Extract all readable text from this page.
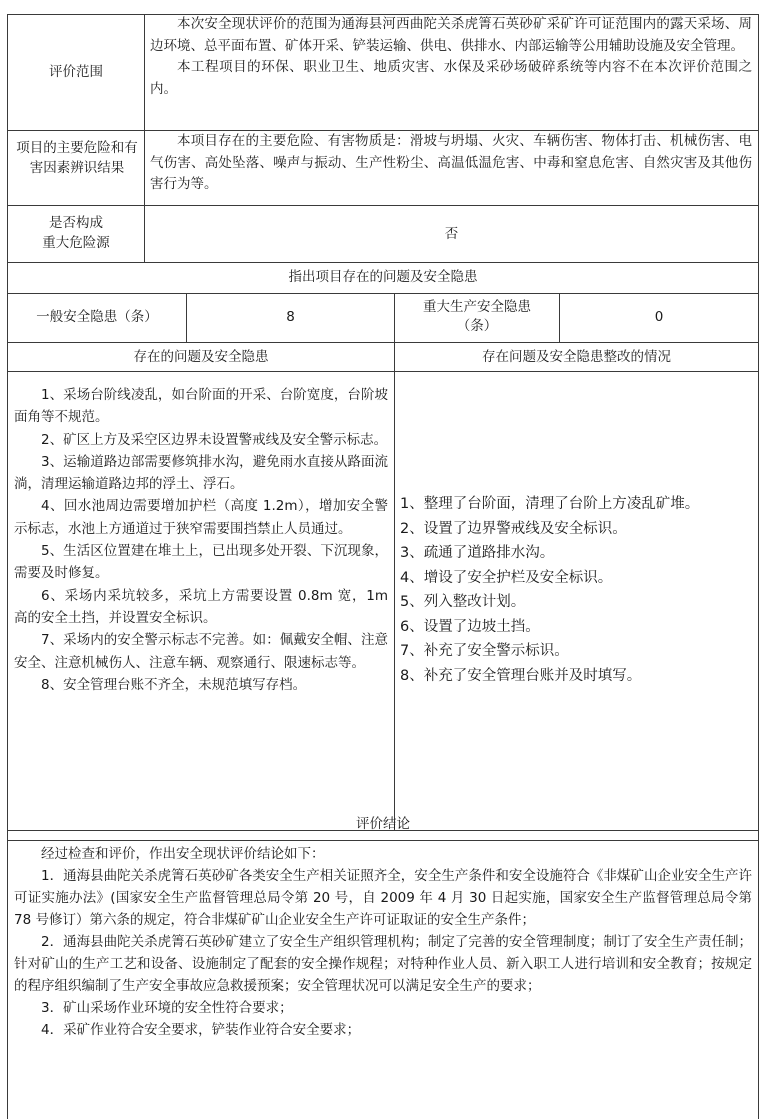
评价范围

本次安全现状评价的范围为通海县河西曲陀关杀虎箐石英砂矿采矿许可证范围内的露天采场、周边环境、总平面布置、矿体开采、铲装运输、供电、供排水、内部运输等公用辅助设施及安全管理。

本工程项目的环保、职业卫生、地质灾害、水保及采砂场破碎系统等内容不在本次评价范围之内。

项目的主要危险和有害因素辨识结果

本项目存在的主要危险、有害物质是：滑坡与坍塌、火灾、车辆伤害、物体打击、机械伤害、电气伤害、高处坠落、噪声与振动、生产性粉尘、高温低温危害、中毒和窒息危害、自然灾害及其他伤害行为等。

是否构成
重大危险源
否
指出项目存在的问题及安全隐患
一般安全隐患（条）	8
重大生产安全隐患
（条）
0
存在的问题及安全隐患	存在问题及安全隐患整改的情况

1、采场台阶线凌乱，如台阶面的开采、台阶宽度，台阶坡面角等不规范。

2、矿区上方及采空区边界未设置警戒线及安全警示标志。

3、运输道路边部需要修筑排水沟，避免雨水直接从路面流淌，清理运输道路边邦的浮土、浮石。

4、回水池周边需要增加护栏（高度 1.2m），增加安全警示标志，水池上方通道过于狭窄需要围挡禁止人员通过。

5、生活区位置建在堆土上，已出现多处开裂、下沉现象，需要及时修复。

6、采场内采坑较多，采坑上方需要设置 0.8m 宽，1m 高的安全土挡，并设置安全标识。

7、采场内的安全警示标志不完善。如：佩戴安全帽、注意安全、注意机械伤人、注意车辆、观察通行、限速标志等。

8、安全管理台账不齐全，未规范填写存档。

1、整理了台阶面，清理了台阶上方凌乱矿堆。

2、设置了边界警戒线及安全标识。

3、疏通了道路排水沟。

4、增设了安全护栏及安全标识。

5、列入整改计划。

6、设置了边坡土挡。

7、补充了安全警示标识。

8、补充了安全管理台账并及时填写。

评价结论

经过检查和评价，作出安全现状评价结论如下：

1．通海县曲陀关杀虎箐石英砂矿各类安全生产相关证照齐全，安全生产条件和安全设施符合《非煤矿山企业安全生产许可证实施办法》(国家安全生产监督管理总局令第 20 号，自 2009 年 4 月 30 日起实施，国家安全生产监督管理总局令第 78 号修订）第六条的规定，符合非煤矿矿山企业安全生产许可证取证的安全生产条件；

2．通海县曲陀关杀虎箐石英砂矿建立了安全生产组织管理机构；制定了完善的安全管理制度；制订了安全生产责任制；针对矿山的生产工艺和设备、设施制定了配套的安全操作规程；对特种作业人员、新入职工人进行培训和安全教育；按规定的程序组织编制了生产安全事故应急救援预案；安全管理状况可以满足安全生产的要求；

3．矿山采场作业环境的安全性符合要求；

4．采矿作业符合安全要求，铲装作业符合安全要求；
